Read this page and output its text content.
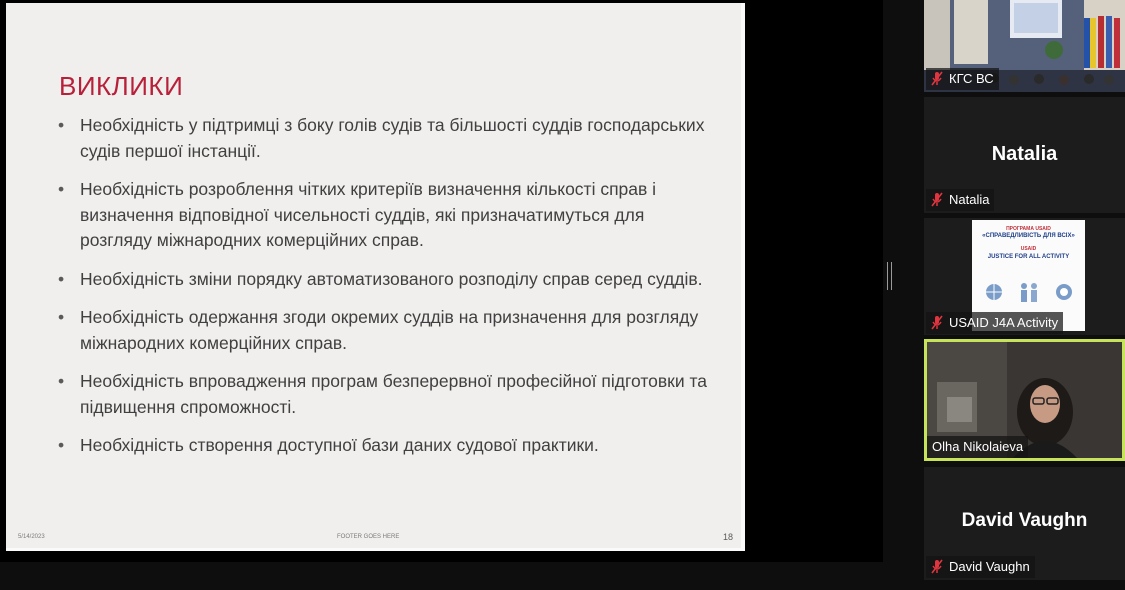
ВИКЛИКИ
• Необхідність у підтримці з боку голів судів та більшості суддів господарських судів першої інстанції.
• Необхідність розроблення чітких критеріїв визначення кількості справ і визначення відповідної чисельності суддів, які призначатимуться для розгляду міжнародних комерційних справ.
• Необхідність зміни порядку автоматизованого розподілу справ серед суддів.
• Необхідність одержання згоди окремих суддів на призначення для розгляду міжнародних комерційних справ.
• Необхідність впровадження програм безперервної професійної підготовки та підвищення спроможності.
• Необхідність створення доступної бази даних судової практики.
5/14/2023	FOOTER GOES HERE	18
КГС ВС
Natalia
Natalia
ПРОГРАМА USAID
«СПРАВЕДЛИВІСТЬ ДЛЯ ВСІХ»
USAID
JUSTICE FOR ALL ACTIVITY
USAID J4A Activity
Olha Nikolaieva
David Vaughn
David Vaughn
